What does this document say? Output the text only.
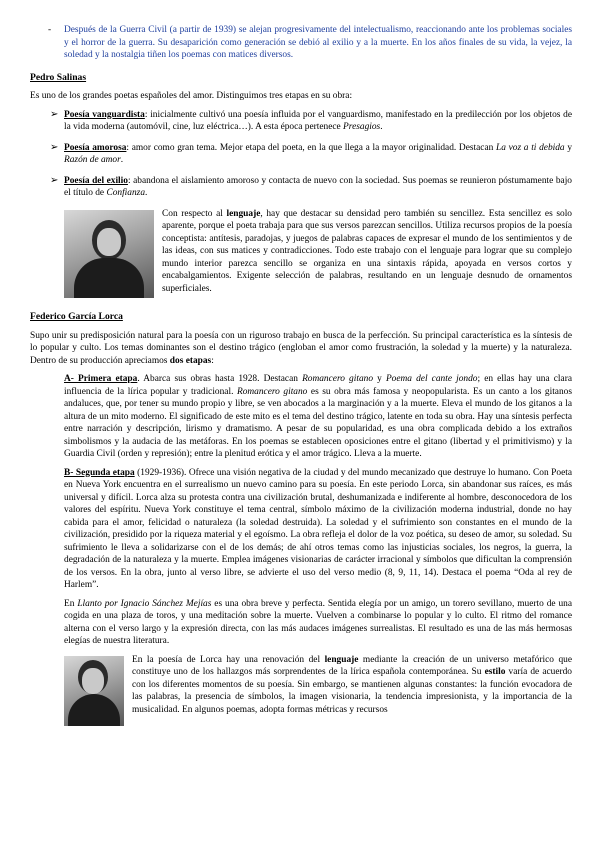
- Después de la Guerra Civil (a partir de 1939) se alejan progresivamente del intelectualismo, reaccionando ante los problemas sociales y el horror de la guerra. Su desaparición como generación se debió al exilio y a la muerte. En los años finales de su vida, la vejez, la soledad y la nostalgia tiñen los poemas con matices diversos.
Pedro Salinas

Es uno de los grandes poetas españoles del amor. Distinguimos tres etapas en su obra:

➢ Poesía vanguardista: inicialmente cultivó una poesía influida por el vanguardismo, manifestado en la predilección por los objetos de la vida moderna (automóvil, cine, luz eléctrica…). A esta época pertenece Presagios.
➢ Poesía amorosa: amor como gran tema. Mejor etapa del poeta, en la que llega a la mayor originalidad. Destacan La voz a ti debida y Razón de amor.
➢ Poesía del exilio: abandona el aislamiento amoroso y contacta de nuevo con la sociedad. Sus poemas se reunieron póstumamente bajo el título de Confianza.

Con respecto al lenguaje, hay que destacar su densidad pero también su sencillez. Esta sencillez es solo aparente, porque el poeta trabaja para que sus versos parezcan sencillos. Utiliza recursos propios de la poesía conceptista: antítesis, paradojas, y juegos de palabras capaces de expresar el mundo de los sentimientos y de las ideas, con sus matices y contradicciones. Todo este trabajo con el lenguaje para lograr que su complejo mundo interior parezca sencillo se organiza en una sintaxis rápida, apoyada en versos cortos y encabalgamientos. Exigente selección de palabras, resultando en un lenguaje desnudo de ornamentos superficiales.

Federico García Lorca

Supo unir su predisposición natural para la poesía con un riguroso trabajo en busca de la perfección. Su principal característica es la síntesis de lo popular y culto. Los temas dominantes son el destino trágico (engloban el amor como frustración, la soledad y la muerte) y la naturaleza. Dentro de su producción apreciamos dos etapas:

A- Primera etapa. Abarca sus obras hasta 1928. Destacan Romancero gitano y Poema del cante jondo; en ellas hay una clara influencia de la lírica popular y tradicional. Romancero gitano es su obra más famosa y neopopularista. Es un canto a los gitanos andaluces, que, por tener su mundo propio y libre, se ven abocados a la marginación y a la muerte. Eleva el mundo de los gitanos a la altura de un mito moderno. El significado de este mito es el tema del destino trágico, latente en toda su obra. Hay una síntesis perfecta entre narración y descripción, lirismo y dramatismo. A pesar de su popularidad, es una obra complicada debido a los extraños simbolismos y la audacia de las metáforas. En los poemas se establecen oposiciones entre el gitano (libertad y el primitivismo) y la Guardia Civil (orden y represión); entre la plenitud erótica y el amor trágico. Lleva a la muerte.

B- Segunda etapa (1929-1936). Ofrece una visión negativa de la ciudad y del mundo mecanizado que destruye lo humano. Con Poeta en Nueva York encuentra en el surrealismo un nuevo camino para su poesía. En este periodo Lorca, sin abandonar sus raíces, es más universal y difícil. Lorca alza su protesta contra una civilización brutal, deshumanizada e indiferente al hombre, desconocedora de los valores del espíritu. Nueva York constituye el tema central, símbolo máximo de la civilización moderna industrial, donde no hay cabida para el amor, felicidad o naturaleza (la soledad destruida). La soledad y el sufrimiento son constantes en el mundo de la civilización, presidido por la riqueza material y el egoísmo. La obra refleja el dolor de la voz poética, su deseo de amor, su soledad. Su sufrimiento le lleva a solidarizarse con el de los demás; de ahí otros temas como las injusticias sociales, los negros, la guerra, la degradación de la naturaleza y la muerte. Emplea imágenes visionarias de carácter irracional y símbolos que dificultan la comprensión de los versos. En la obra, junto al verso libre, se advierte el uso del verso medio (8, 9, 11, 14). Destaca el poema “Oda al rey de Harlem”.

En Llanto por Ignacio Sánchez Mejías es una obra breve y perfecta. Sentida elegía por un amigo, un torero sevillano, muerto de una cogida en una plaza de toros, y una meditación sobre la muerte. Vuelven a combinarse lo popular y lo culto. El ritmo del romance alterna con el verso largo y la expresión directa, con las más audaces imágenes surrealistas. El resultado es una de las más hermosas elegías de nuestra literatura.

En la poesía de Lorca hay una renovación del lenguaje mediante la creación de un universo metafórico que constituye uno de los hallazgos más sorprendentes de la lírica española contemporánea. Su estilo varía de acuerdo con los diferentes momentos de su poesía. Sin embargo, se mantienen algunas constantes: la función evocadora de las palabras, la presencia de símbolos, la imagen visionaria, la tendencia impresionista, y la importancia de la musicalidad. En algunos poemas, adopta formas métricas y recursos
